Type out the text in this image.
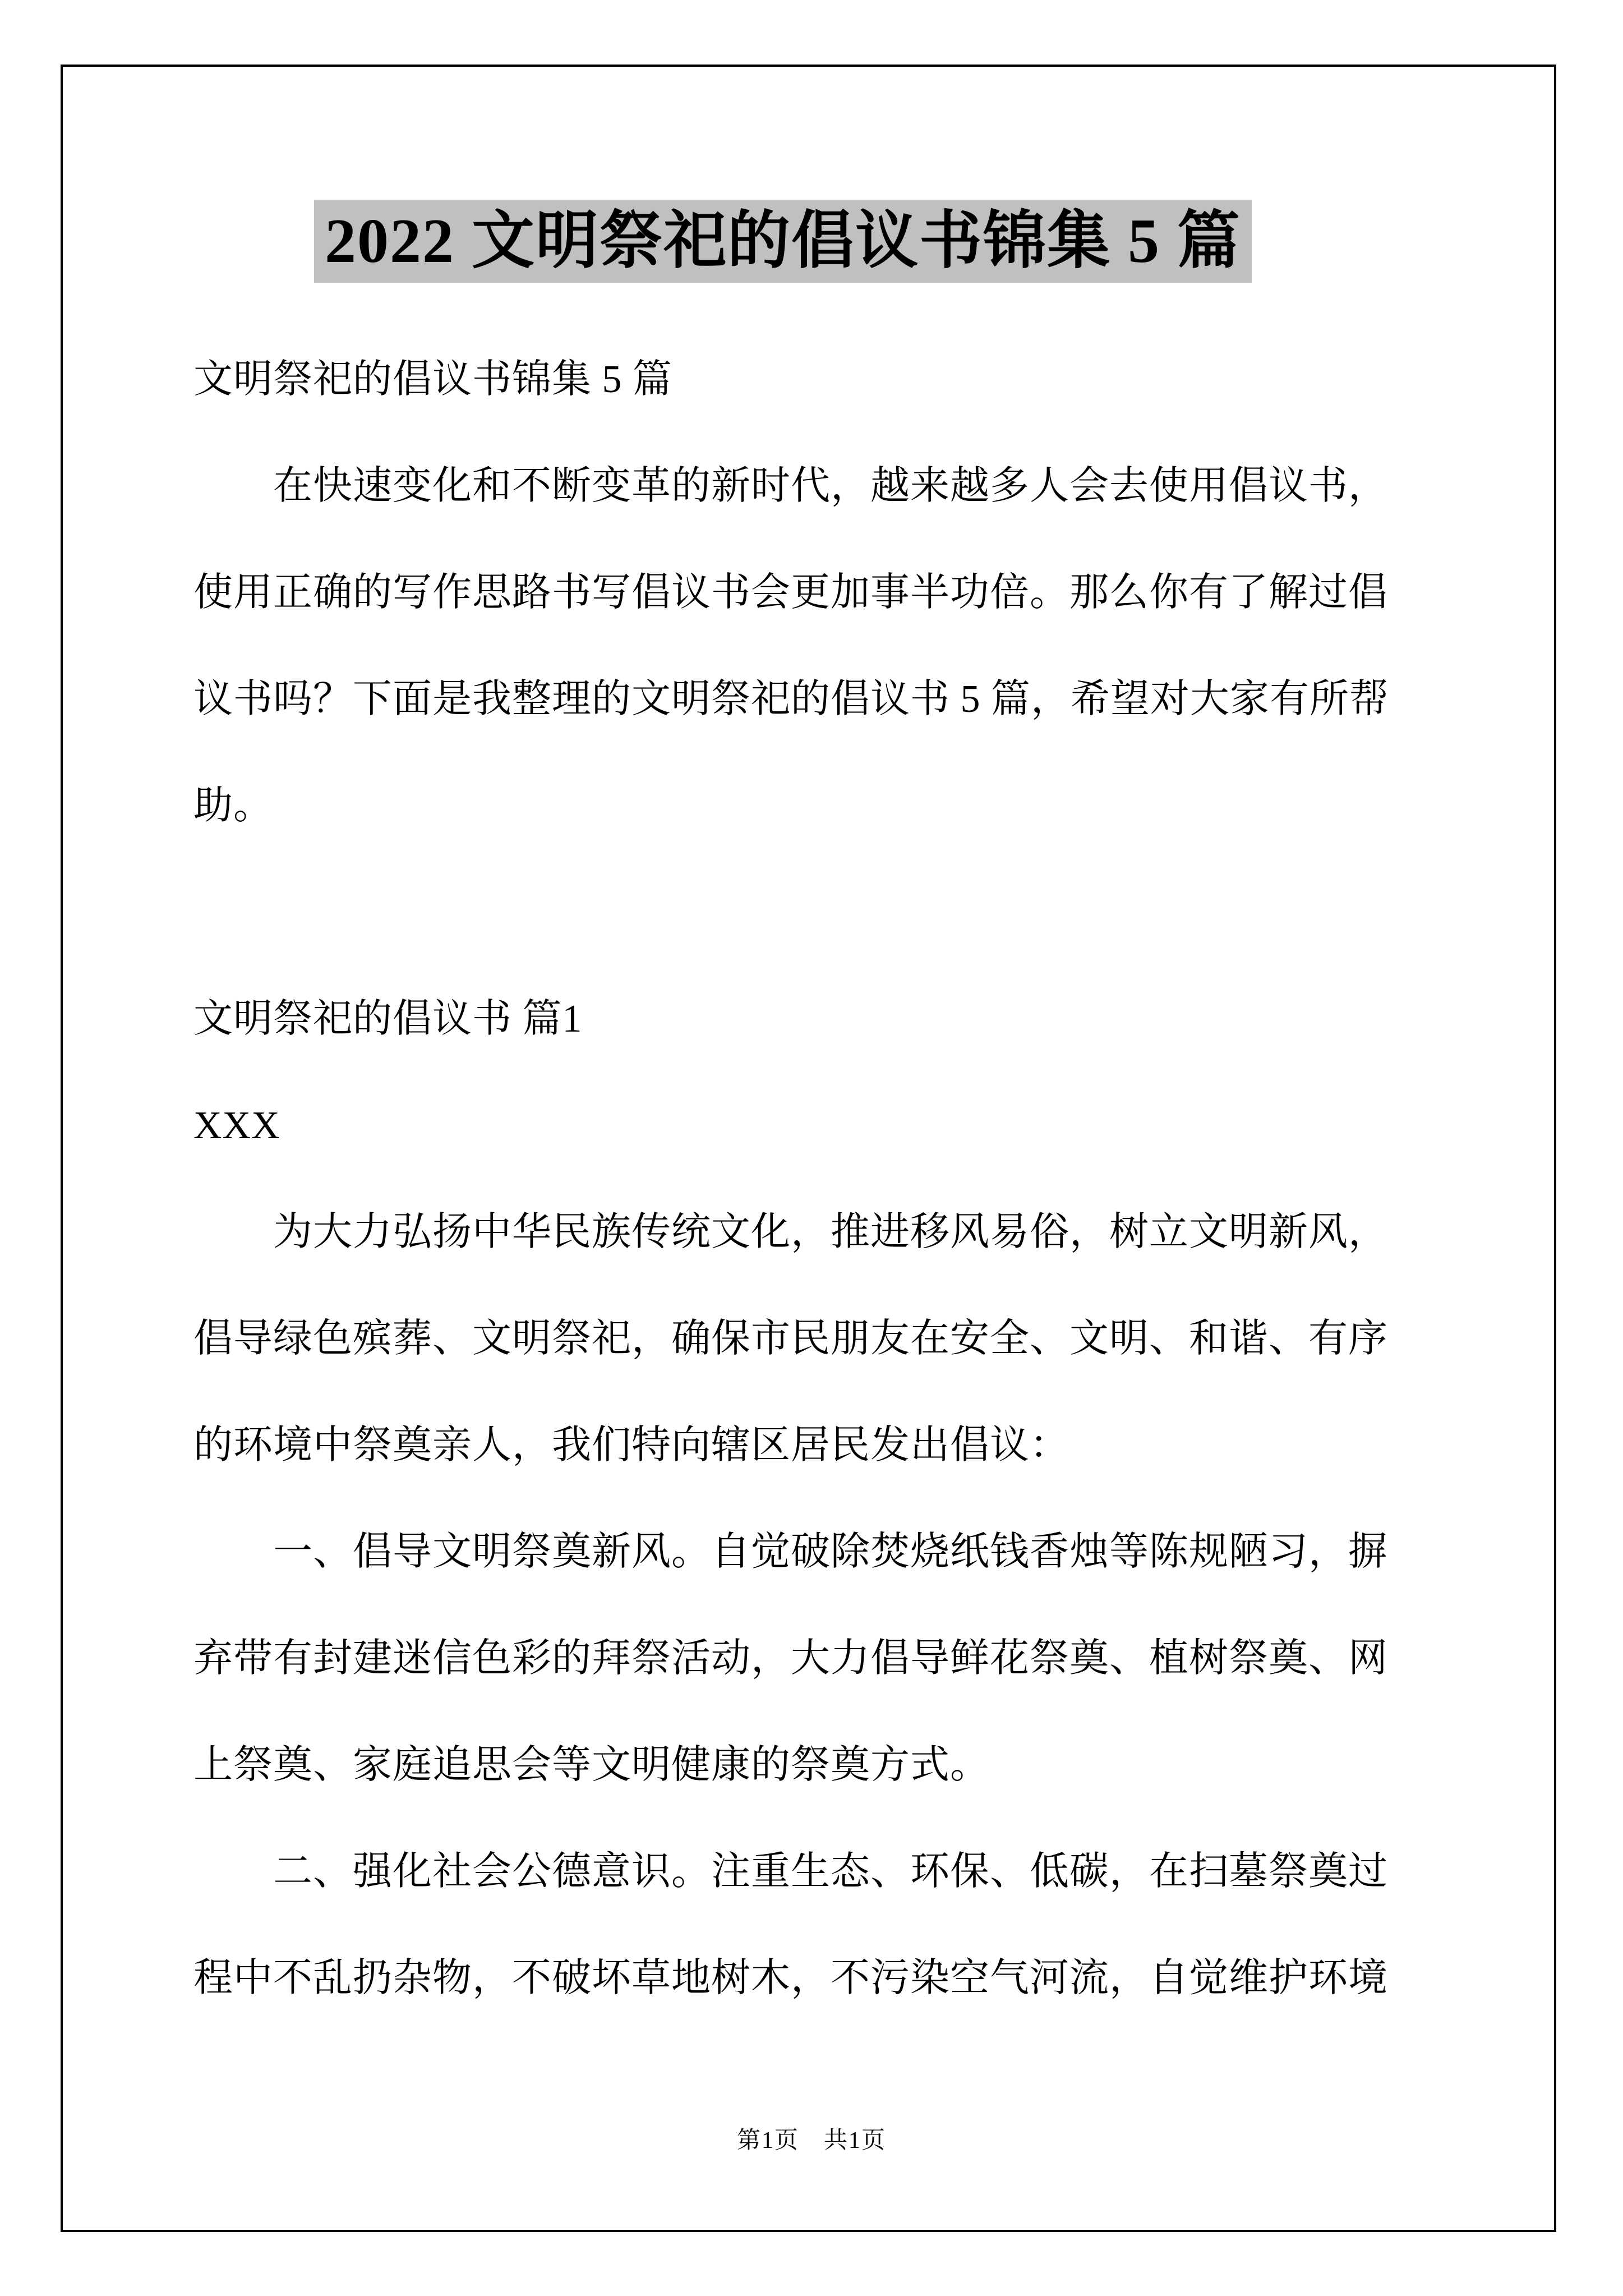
2022 文明祭祀的倡议书锦集 5 篇
文明祭祀的倡议书锦集 5 篇
在快速变化和不断变革的新时代，越来越多人会去使用倡议书，
使用正确的写作思路书写倡议书会更加事半功倍。那么你有了解过倡
议书吗？下面是我整理的文明祭祀的倡议书 5 篇，希望对大家有所帮
助。
文明祭祀的倡议书 篇1
XXX
为大力弘扬中华民族传统文化，推进移风易俗，树立文明新风，
倡导绿色殡葬、文明祭祀，确保市民朋友在安全、文明、和谐、有序
的环境中祭奠亲人，我们特向辖区居民发出倡议：
一、倡导文明祭奠新风。自觉破除焚烧纸钱香烛等陈规陋习，摒
弃带有封建迷信色彩的拜祭活动，大力倡导鲜花祭奠、植树祭奠、网
上祭奠、家庭追思会等文明健康的祭奠方式。
二、强化社会公德意识。注重生态、环保、低碳，在扫墓祭奠过
程中不乱扔杂物，不破坏草地树木，不污染空气河流，自觉维护环境
第1页　共1页
